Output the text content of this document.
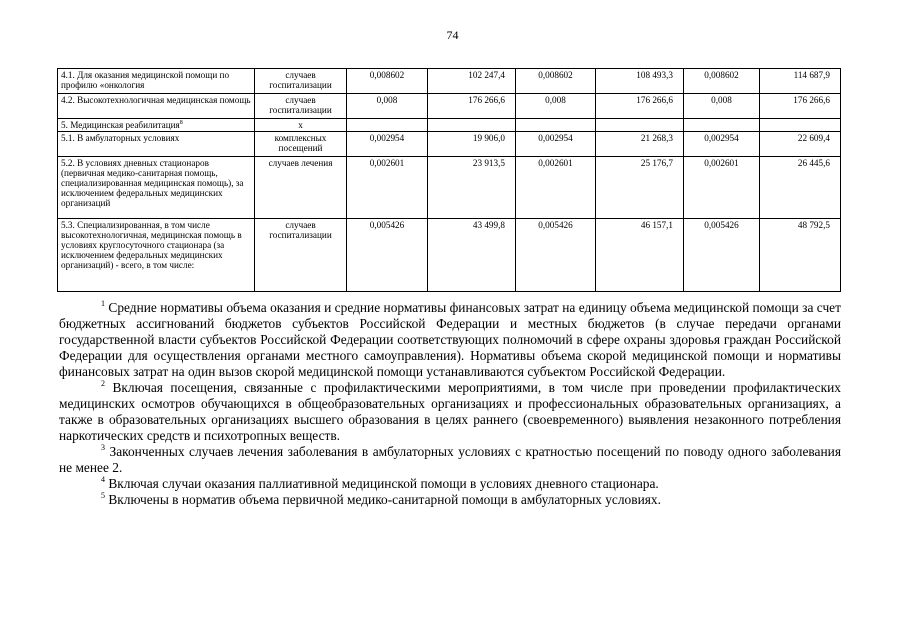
74
4.1. Для оказания медицинской помощи по профилю «онкология	случаев госпитализации	0,008602	102 247,4	0,008602	108 493,3	0,008602	114 687,9
4.2. Высокотехнологичная медицинская помощь	случаев госпитализации	0,008	176 266,6	0,008	176 266,6	0,008	176 266,6
5. Медицинская реабилитация$^8$	x						
5.1. В амбулаторных условиях	комплексных посещений	0,002954	19 906,0	0,002954	21 268,3	0,002954	22 609,4
5.2. В условиях дневных стационаров (первичная медико-санитарная помощь, специализированная медицинская помощь), за исключением федеральных медицинских организаций	случаев лечения	0,002601	23 913,5	0,002601	25 176,7	0,002601	26 445,6
5.3. Специализированная, в том числе высокотехнологичная, медицинская помощь в условиях круглосуточного стационара (за исключением федеральных медицинских организаций) - всего, в том числе:	случаев госпитализации	0,005426	43 499,8	0,005426	46 157,1	0,005426	48 792,5

$^1$ Средние нормативы объема оказания и средние нормативы финансовых затрат на единицу объема медицинской помощи за счет бюджетных ассигнований бюджетов субъектов Российской Федерации и местных бюджетов (в случае передачи органами государственной власти субъектов Российской Федерации соответствующих полномочий в сфере охраны здоровья граждан Российской Федерации для осуществления органами местного самоуправления). Нормативы объема скорой медицинской помощи и нормативы финансовых затрат на один вызов скорой медицинской помощи устанавливаются субъектом Российской Федерации.

$^2$ Включая посещения, связанные с профилактическими мероприятиями, в том числе при проведении профилактических медицинских осмотров обучающихся в общеобразовательных организациях и профессиональных образовательных организациях, а также в образовательных организациях высшего образования в целях раннего (своевременного) выявления незаконного потребления наркотических средств и психотропных веществ.

$^3$ Законченных случаев лечения заболевания в амбулаторных условиях с кратностью посещений по поводу одного заболевания не менее 2.

$^4$ Включая случаи оказания паллиативной медицинской помощи в условиях дневного стационара.

$^5$ Включены в норматив объема первичной медико-санитарной помощи в амбулаторных условиях.
